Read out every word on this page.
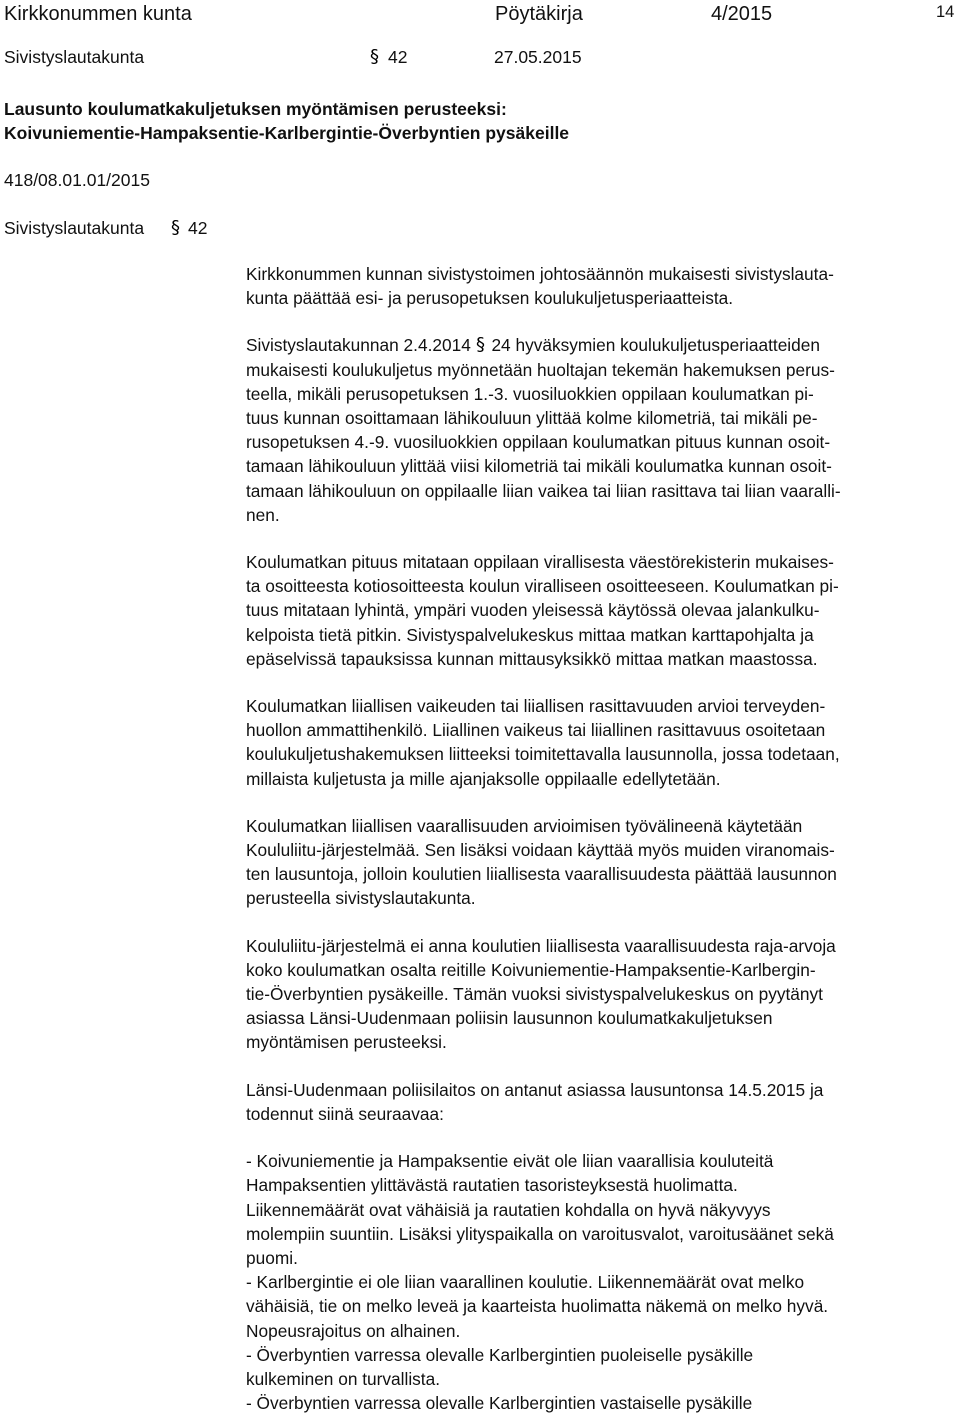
Kirkkonummen kunta	Pöytäkirja	4/2015	14
Sivistyslautakunta	§ 42	27.05.2015
Lausunto koulumatkakuljetuksen myöntämisen perusteeksi:
Koivuniementie-Hampaksentie-Karlbergintie-Överbyntien pysäkeille
418/08.01.01/2015
Sivistyslautakunta § 42
Kirkkonummen kunnan sivistystoimen johtosäännön mukaisesti sivistyslauta-
kunta päättää esi- ja perusopetuksen koulukuljetusperiaatteista.
Sivistyslautakunnan 2.4.2014 § 24 hyväksymien koulukuljetusperiaatteiden
mukaisesti koulukuljetus myönnetään huoltajan tekemän hakemuksen perus-
teella, mikäli perusopetuksen 1.-3. vuosiluokkien oppilaan koulumatkan pi-
tuus kunnan osoittamaan lähikouluun ylittää kolme kilometriä, tai mikäli pe-
rusopetuksen 4.-9. vuosiluokkien oppilaan koulumatkan pituus kunnan osoit-
tamaan lähikouluun ylittää viisi kilometriä tai mikäli koulumatka kunnan osoit-
tamaan lähikouluun on oppilaalle liian vaikea tai liian rasittava tai liian vaaralli-
nen.
Koulumatkan pituus mitataan oppilaan virallisesta väestörekisterin mukaises-
ta osoitteesta kotiosoitteesta koulun viralliseen osoitteeseen. Koulumatkan pi-
tuus mitataan lyhintä, ympäri vuoden yleisessä käytössä olevaa jalankulku-
kelpoista tietä pitkin. Sivistyspalvelukeskus mittaa matkan karttapohjalta ja
epäselvissä tapauksissa kunnan mittausyksikkö mittaa matkan maastossa.
Koulumatkan liiallisen vaikeuden tai liiallisen rasittavuuden arvioi terveyden-
huollon ammattihenkilö. Liiallinen vaikeus tai liiallinen rasittavuus osoitetaan
koulukuljetushakemuksen liitteeksi toimitettavalla lausunnolla, jossa todetaan,
millaista kuljetusta ja mille ajanjaksolle oppilaalle edellytetään.
Koulumatkan liiallisen vaarallisuuden arvioimisen työvälineenä käytetään
Koululiitu-järjestelmää. Sen lisäksi voidaan käyttää myös muiden viranomais-
ten lausuntoja, jolloin koulutien liiallisesta vaarallisuudesta päättää lausunnon
perusteella sivistyslautakunta.
Koululiitu-järjestelmä ei anna koulutien liiallisesta vaarallisuudesta raja-arvoja
koko koulumatkan osalta reitille Koivuniementie-Hampaksentie-Karlbergin-
tie-Överbyntien pysäkeille. Tämän vuoksi sivistyspalvelukeskus on pyytänyt
asiassa Länsi-Uudenmaan poliisin lausunnon koulumatkakuljetuksen
myöntämisen perusteeksi.
Länsi-Uudenmaan poliisilaitos on antanut asiassa lausuntonsa 14.5.2015 ja
todennut siinä seuraavaa:
- Koivuniementie ja Hampaksentie eivät ole liian vaarallisia kouluteitä
Hampaksentien ylittävästä rautatien tasoristeyksestä huolimatta.
Liikennemäärät ovat vähäisiä ja rautatien kohdalla on hyvä näkyvyys
molempiin suuntiin. Lisäksi ylityspaikalla on varoitusvalot, varoitusäänet sekä
puomi.
- Karlbergintie ei ole liian vaarallinen koulutie. Liikennemäärät ovat melko
vähäisiä, tie on melko leveä ja kaarteista huolimatta näkemä on melko hyvä.
Nopeusrajoitus on alhainen.
- Överbyntien varressa olevalle Karlbergintien puoleiselle pysäkille
kulkeminen on turvallista.
- Överbyntien varressa olevalle Karlbergintien vastaiselle pysäkille
